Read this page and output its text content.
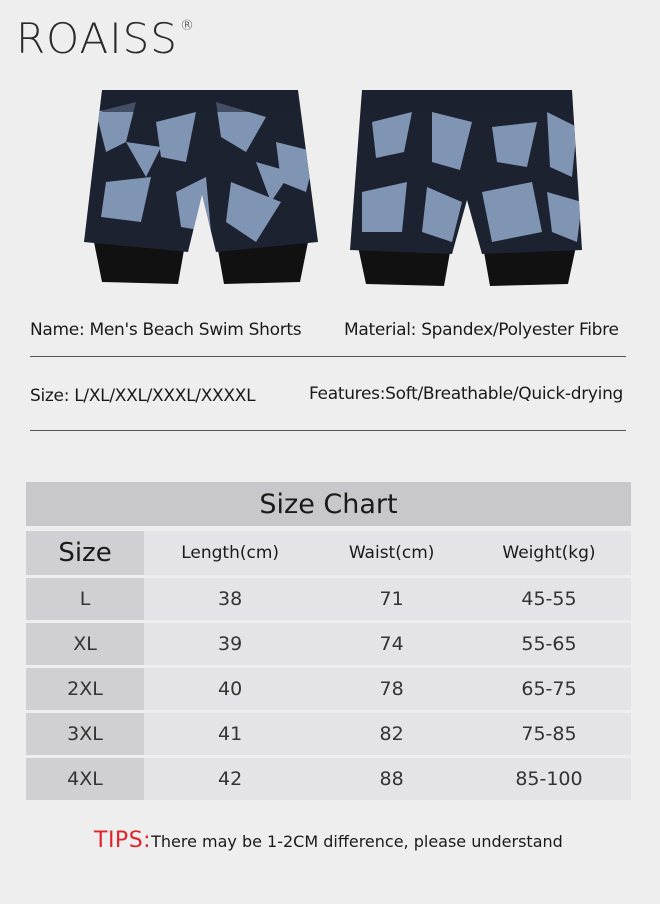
ROAISS ®
Name: Men's Beach Swim Shorts	Material: Spandex/Polyester Fibre
Size: L/XL/XXL/XXXL/XXXXL	Features:Soft/Breathable/Quick-drying
Size Chart
Size	Length(cm)	Waist(cm)	Weight(kg)
L	38	71	45-55
XL	39	74	55-65
2XL	40	78	65-75
3XL	41	82	75-85
4XL	42	88	85-100
TIPS:There may be 1-2CM difference, please understand
